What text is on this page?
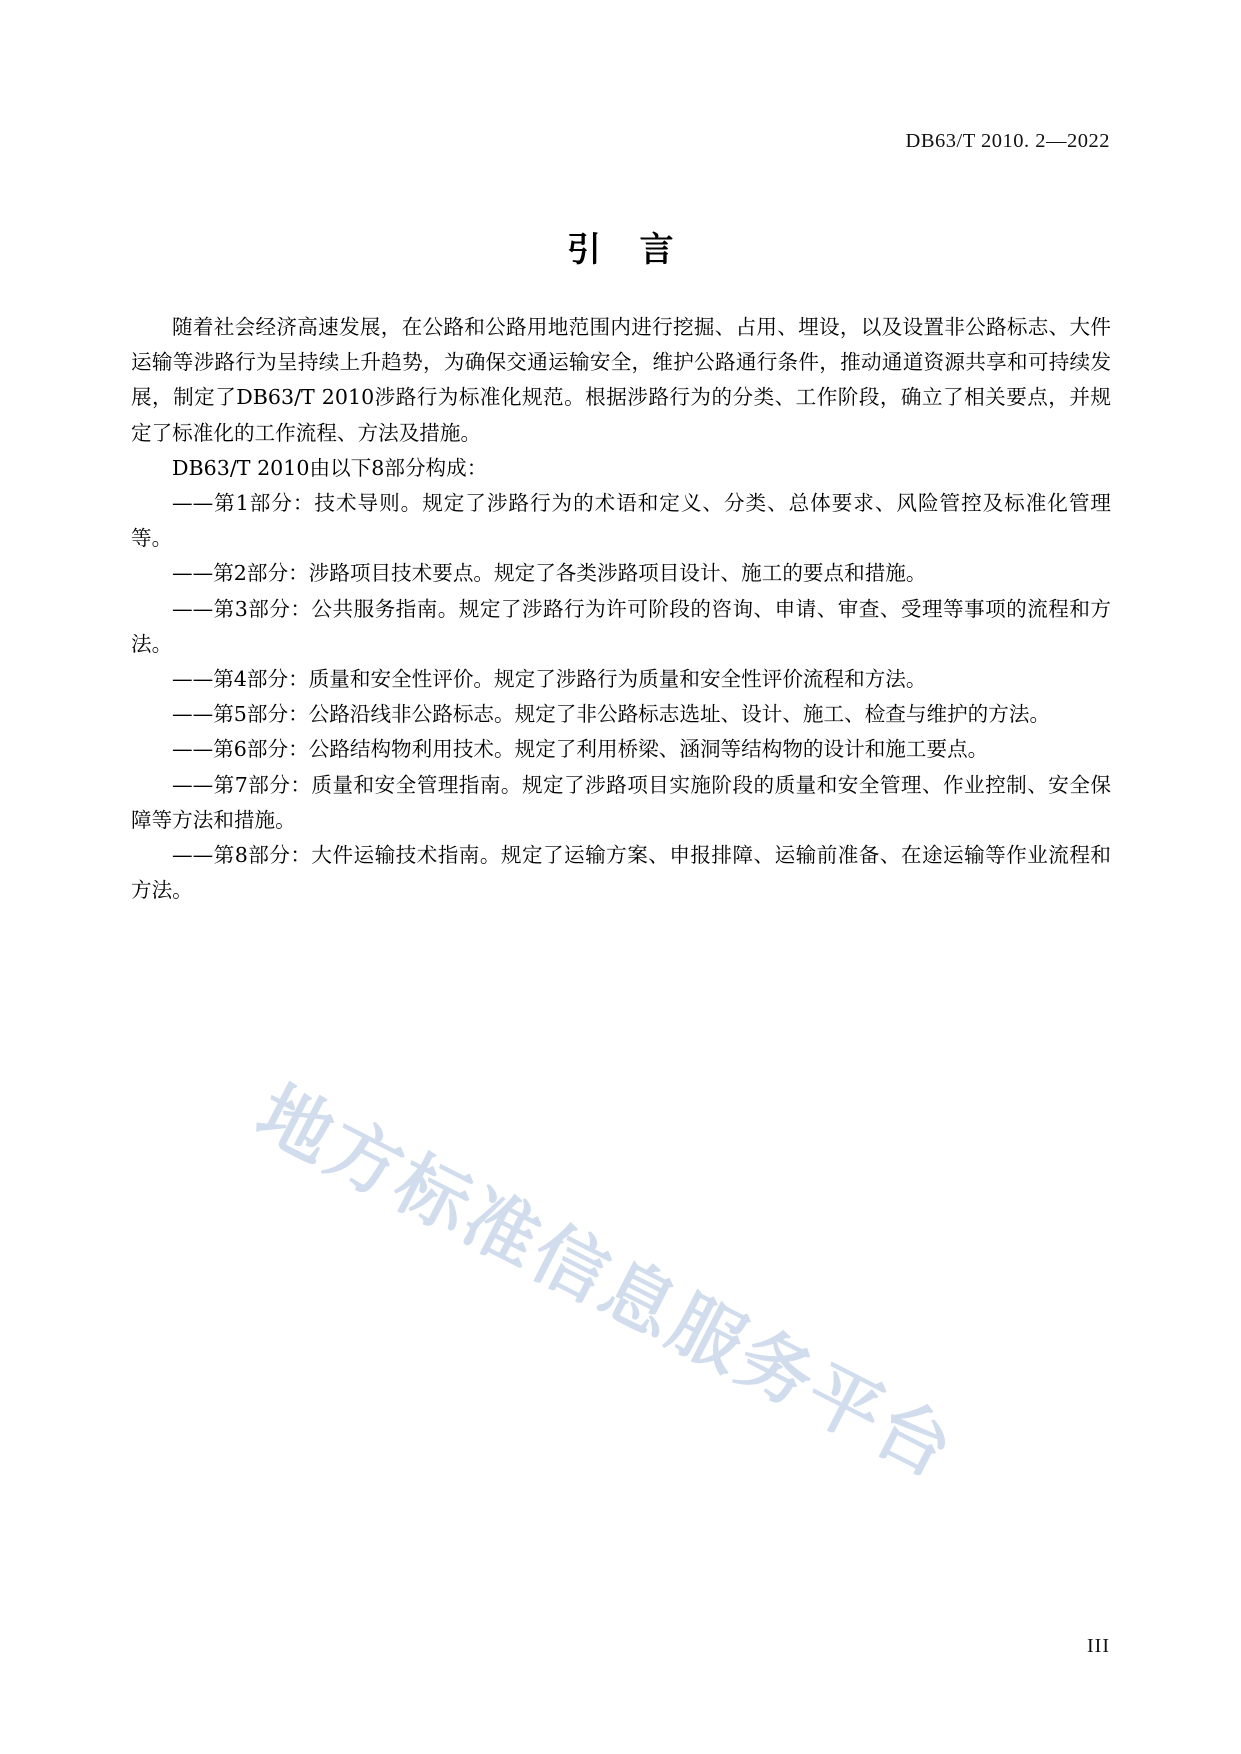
DB63/T 2010. 2—2022
引 言

随着社会经济高速发展，在公路和公路用地范围内进行挖掘、占用、埋设，以及设置非公路标志、大件运输等涉路行为呈持续上升趋势，为确保交通运输安全，维护公路通行条件，推动通道资源共享和可持续发展，制定了DB63/T 2010涉路行为标准化规范。根据涉路行为的分类、工作阶段，确立了相关要点，并规定了标准化的工作流程、方法及措施。

DB63/T 2010由以下8部分构成：

——第1部分：技术导则。规定了涉路行为的术语和定义、分类、总体要求、风险管控及标准化管理等。

——第2部分：涉路项目技术要点。规定了各类涉路项目设计、施工的要点和措施。

——第3部分：公共服务指南。规定了涉路行为许可阶段的咨询、申请、审查、受理等事项的流程和方法。

——第4部分：质量和安全性评价。规定了涉路行为质量和安全性评价流程和方法。

——第5部分：公路沿线非公路标志。规定了非公路标志选址、设计、施工、检查与维护的方法。

——第6部分：公路结构物利用技术。规定了利用桥梁、涵洞等结构物的设计和施工要点。

——第7部分：质量和安全管理指南。规定了涉路项目实施阶段的质量和安全管理、作业控制、安全保障等方法和措施。

——第8部分：大件运输技术指南。规定了运输方案、申报排障、运输前准备、在途运输等作业流程和方法。

地方标准信息服务平台
III
